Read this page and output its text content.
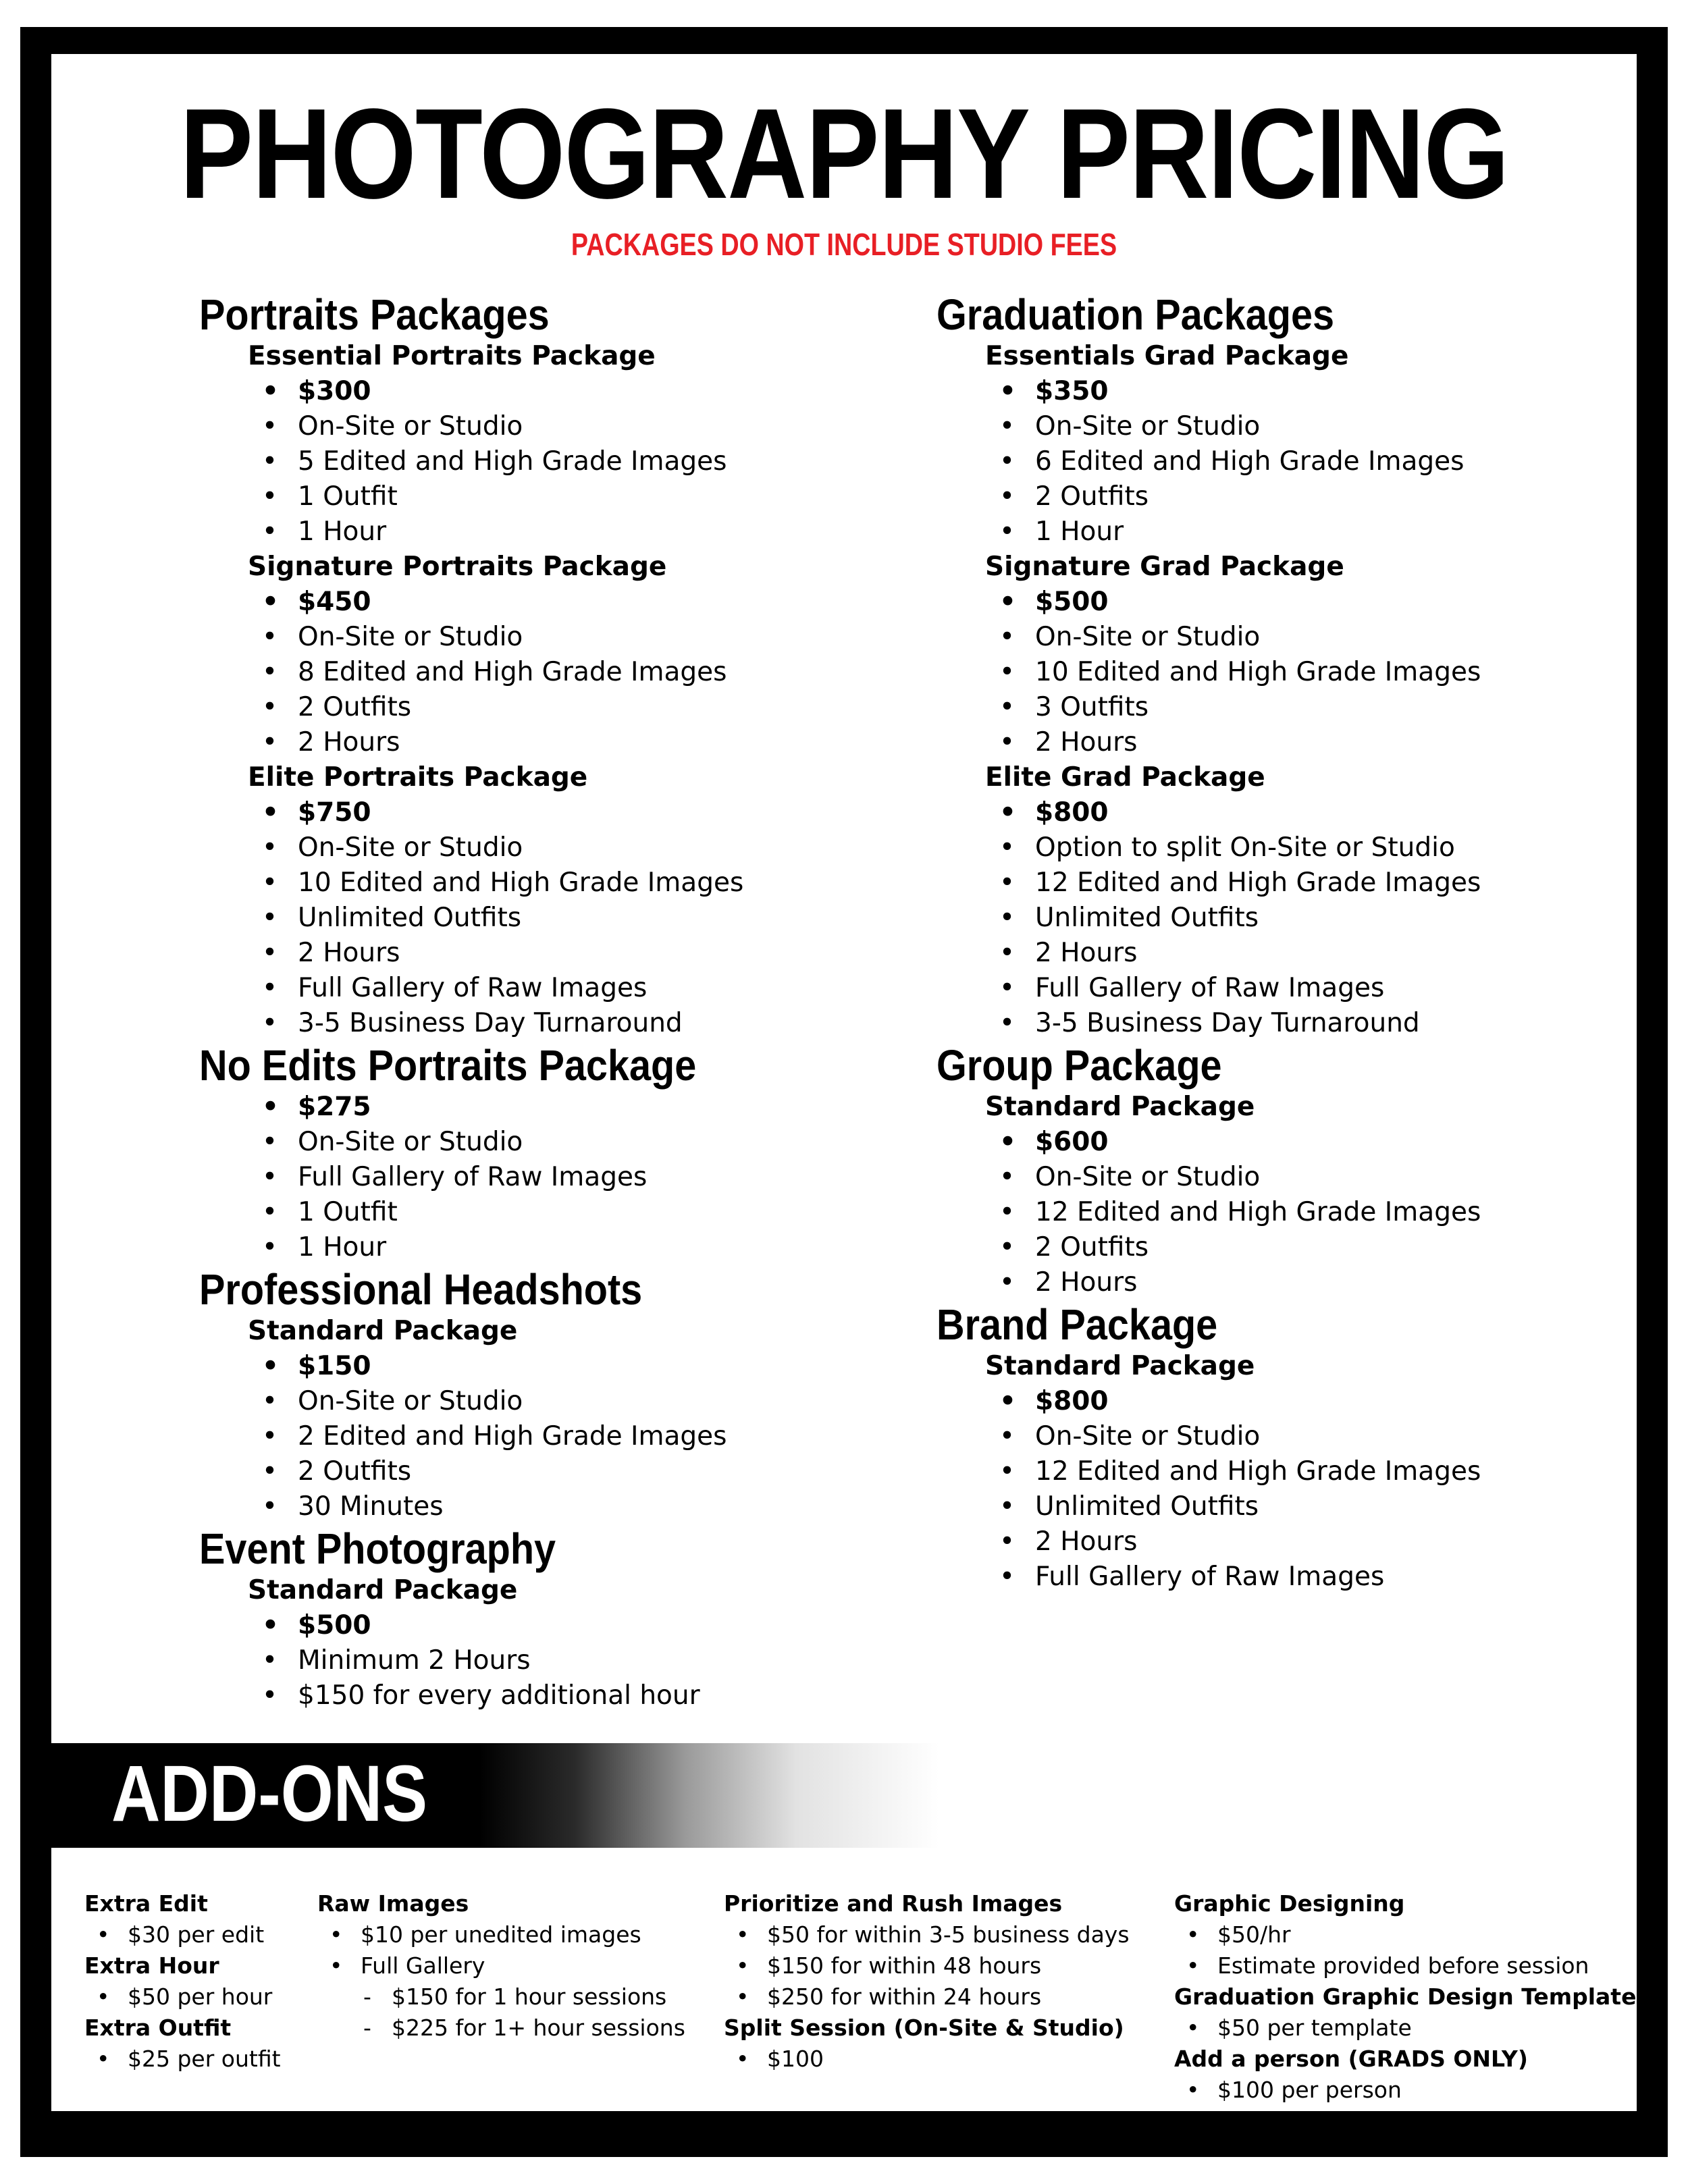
PHOTOGRAPHY PRICING

PACKAGES DO NOT INCLUDE STUDIO FEES

Portraits Packages
Essential Portraits Package
• $300
• On-Site or Studio
• 5 Edited and High Grade Images
• 1 Outfit
• 1 Hour
Signature Portraits Package
• $450
• On-Site or Studio
• 8 Edited and High Grade Images
• 2 Outfits
• 2 Hours
Elite Portraits Package
• $750
• On-Site or Studio
• 10 Edited and High Grade Images
• Unlimited Outfits
• 2 Hours
• Full Gallery of Raw Images
• 3-5 Business Day Turnaround
No Edits Portraits Package
• $275
• On-Site or Studio
• Full Gallery of Raw Images
• 1 Outfit
• 1 Hour
Professional Headshots
Standard Package
• $150
• On-Site or Studio
• 2 Edited and High Grade Images
• 2 Outfits
• 30 Minutes
Event Photography
Standard Package
• $500
• Minimum 2 Hours
• $150 for every additional hour
Graduation Packages
Essentials Grad Package
• $350
• On-Site or Studio
• 6 Edited and High Grade Images
• 2 Outfits
• 1 Hour
Signature Grad Package
• $500
• On-Site or Studio
• 10 Edited and High Grade Images
• 3 Outfits
• 2 Hours
Elite Grad Package
• $800
• Option to split On-Site or Studio
• 12 Edited and High Grade Images
• Unlimited Outfits
• 2 Hours
• Full Gallery of Raw Images
• 3-5 Business Day Turnaround
Group Package
Standard Package
• $600
• On-Site or Studio
• 12 Edited and High Grade Images
• 2 Outfits
• 2 Hours
Brand Package
Standard Package
• $800
• On-Site or Studio
• 12 Edited and High Grade Images
• Unlimited Outfits
• 2 Hours
• Full Gallery of Raw Images
ADD-ONS
Extra Edit
• $30 per edit
Extra Hour
• $50 per hour
Extra Outfit
• $25 per outfit
Raw Images
• $10 per unedited images
• Full Gallery
- $150 for 1 hour sessions
- $225 for 1+ hour sessions
Prioritize and Rush Images
• $50 for within 3-5 business days
• $150 for within 48 hours
• $250 for within 24 hours
Split Session (On-Site & Studio)
• $100
Graphic Designing
• $50/hr
• Estimate provided before session
Graduation Graphic Design Template
• $50 per template
Add a person (GRADS ONLY)
• $100 per person
